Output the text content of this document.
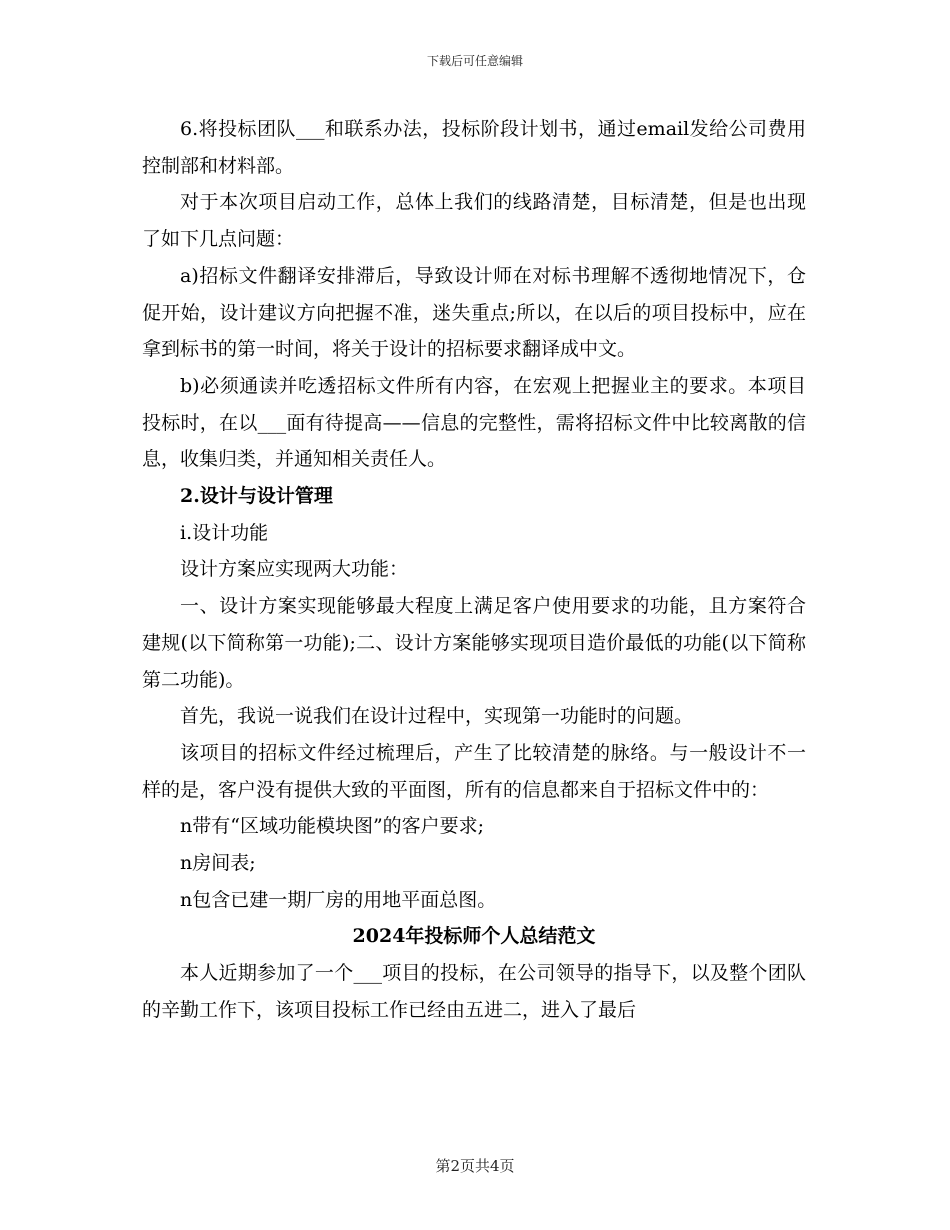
下载后可任意编辑

6.将投标团队___和联系办法，投标阶段计划书，通过email发给公司费用控制部和材料部。

对于本次项目启动工作，总体上我们的线路清楚，目标清楚，但是也出现了如下几点问题：

a)招标文件翻译安排滞后，导致设计师在对标书理解不透彻地情况下，仓促开始，设计建议方向把握不准，迷失重点;所以，在以后的项目投标中，应在拿到标书的第一时间，将关于设计的招标要求翻译成中文。

b)必须通读并吃透招标文件所有内容，在宏观上把握业主的要求。本项目投标时，在以___面有待提高——信息的完整性，需将招标文件中比较离散的信息，收集归类，并通知相关责任人。

2.设计与设计管理

i.设计功能

设计方案应实现两大功能：

一、设计方案实现能够最大程度上满足客户使用要求的功能，且方案符合建规(以下简称第一功能);二、设计方案能够实现项目造价最低的功能(以下简称第二功能)。

首先，我说一说我们在设计过程中，实现第一功能时的问题。

该项目的招标文件经过梳理后，产生了比较清楚的脉络。与一般设计不一样的是，客户没有提供大致的平面图，所有的信息都来自于招标文件中的：

n带有“区域功能模块图”的客户要求;

n房间表;

n包含已建一期厂房的用地平面总图。

2024年投标师个人总结范文

本人近期参加了一个___项目的投标，在公司领导的指导下，以及整个团队的辛勤工作下，该项目投标工作已经由五进二，进入了最后

第2页共4页
